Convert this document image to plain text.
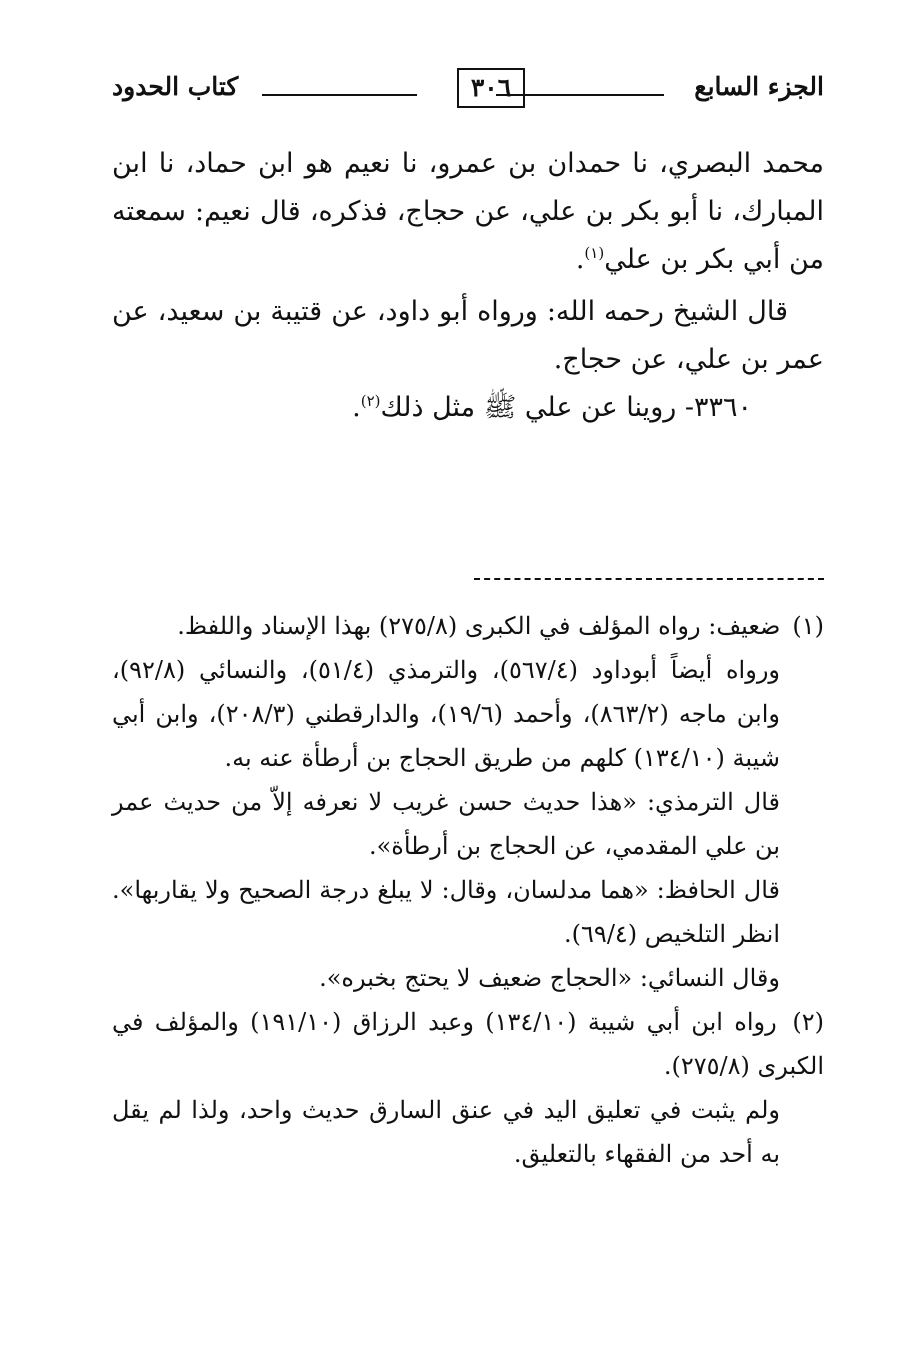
الجزء السابع
٣٠٦
كتاب الحدود

محمد البصري، نا حمدان بن عمرو، نا نعيم هو ابن حماد، نا ابن المبارك، نا أبو بكر بن علي، عن حجاج، فذكره، قال نعيم: سمعته من أبي بكر بن علي$^{(١)}$.

قال الشيخ رحمه الله: ورواه أبو داود، عن قتيبة بن سعيد، عن عمر بن علي، عن حجاج.

٣٣٦٠- روينا عن علي ﷺ مثل ذلك$^{(٢)}$.

(١) ضعيف: رواه المؤلف في الكبرى (٢٧٥/٨) بهذا الإسناد واللفظ.

ورواه أيضاً أبوداود (٥٦٧/٤)، والترمذي (٥١/٤)، والنسائي (٩٢/٨)، وابن ماجه (٨٦٣/٢)، وأحمد (١٩/٦)، والدارقطني (٢٠٨/٣)، وابن أبي شيبة (١٣٤/١٠) كلهم من طريق الحجاج بن أرطأة عنه به.

قال الترمذي: «هذا حديث حسن غريب لا نعرفه إلاّ من حديث عمر بن علي المقدمي، عن الحجاج بن أرطأة».

قال الحافظ: «هما مدلسان، وقال: لا يبلغ درجة الصحيح ولا يقاربها». انظر التلخيص (٦٩/٤).

وقال النسائي: «الحجاج ضعيف لا يحتج بخبره».

(٢) رواه ابن أبي شيبة (١٣٤/١٠) وعبد الرزاق (١٩١/١٠) والمؤلف في الكبرى (٢٧٥/٨).

ولم يثبت في تعليق اليد في عنق السارق حديث واحد، ولذا لم يقل به أحد من الفقهاء بالتعليق.
